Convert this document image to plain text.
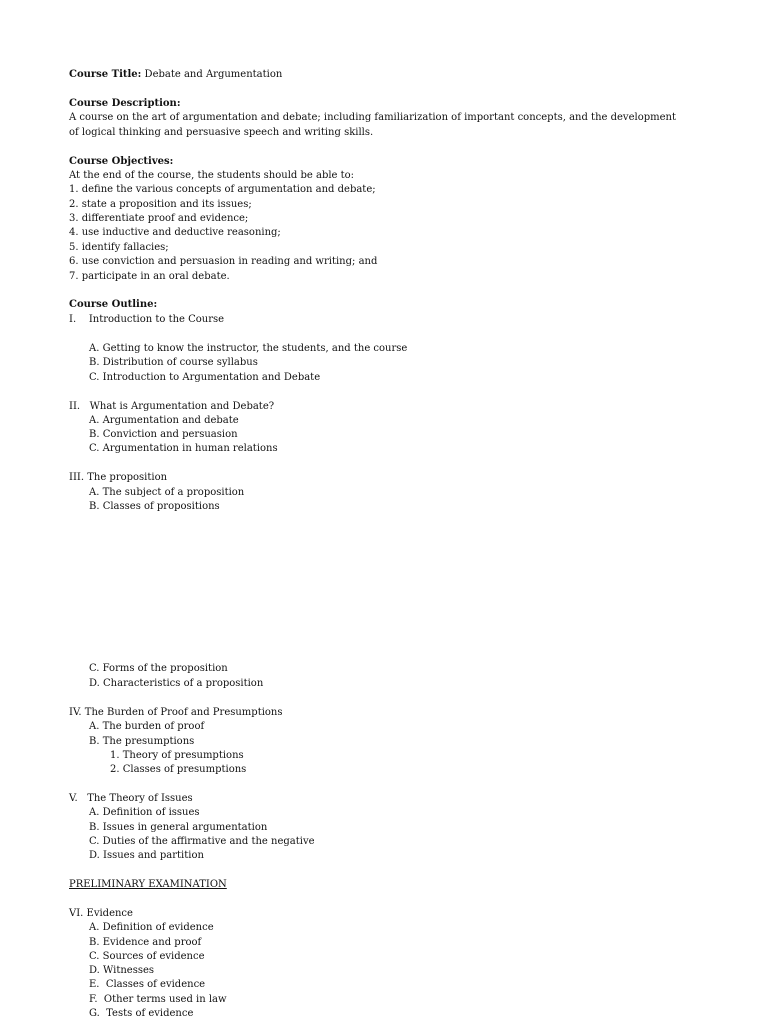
Course Title: Debate and Argumentation
Course Description:
A course on the art of argumentation and debate; including familiarization of important concepts, and the development
of logical thinking and persuasive speech and writing skills.
Course Objectives:
At the end of the course, the students should be able to:
1. define the various concepts of argumentation and debate;
2. state a proposition and its issues;
3. differentiate proof and evidence;
4. use inductive and deductive reasoning;
5. identify fallacies;
6. use conviction and persuasion in reading and writing; and
7. participate in an oral debate.
Course Outline:
I.    Introduction to the Course
A. Getting to know the instructor, the students, and the course
B. Distribution of course syllabus
C. Introduction to Argumentation and Debate
II.   What is Argumentation and Debate?
A. Argumentation and debate
B. Conviction and persuasion
C. Argumentation in human relations
III. The proposition
A. The subject of a proposition
B. Classes of propositions
C. Forms of the proposition
D. Characteristics of a proposition
IV. The Burden of Proof and Presumptions
A. The burden of proof
B. The presumptions
1. Theory of presumptions
2. Classes of presumptions
V.   The Theory of Issues
A. Definition of issues
B. Issues in general argumentation
C. Duties of the affirmative and the negative
D. Issues and partition
PRELIMINARY EXAMINATION
VI. Evidence
A. Definition of evidence
B. Evidence and proof
C. Sources of evidence
D. Witnesses
E.  Classes of evidence
F.  Other terms used in law
G.  Tests of evidence
